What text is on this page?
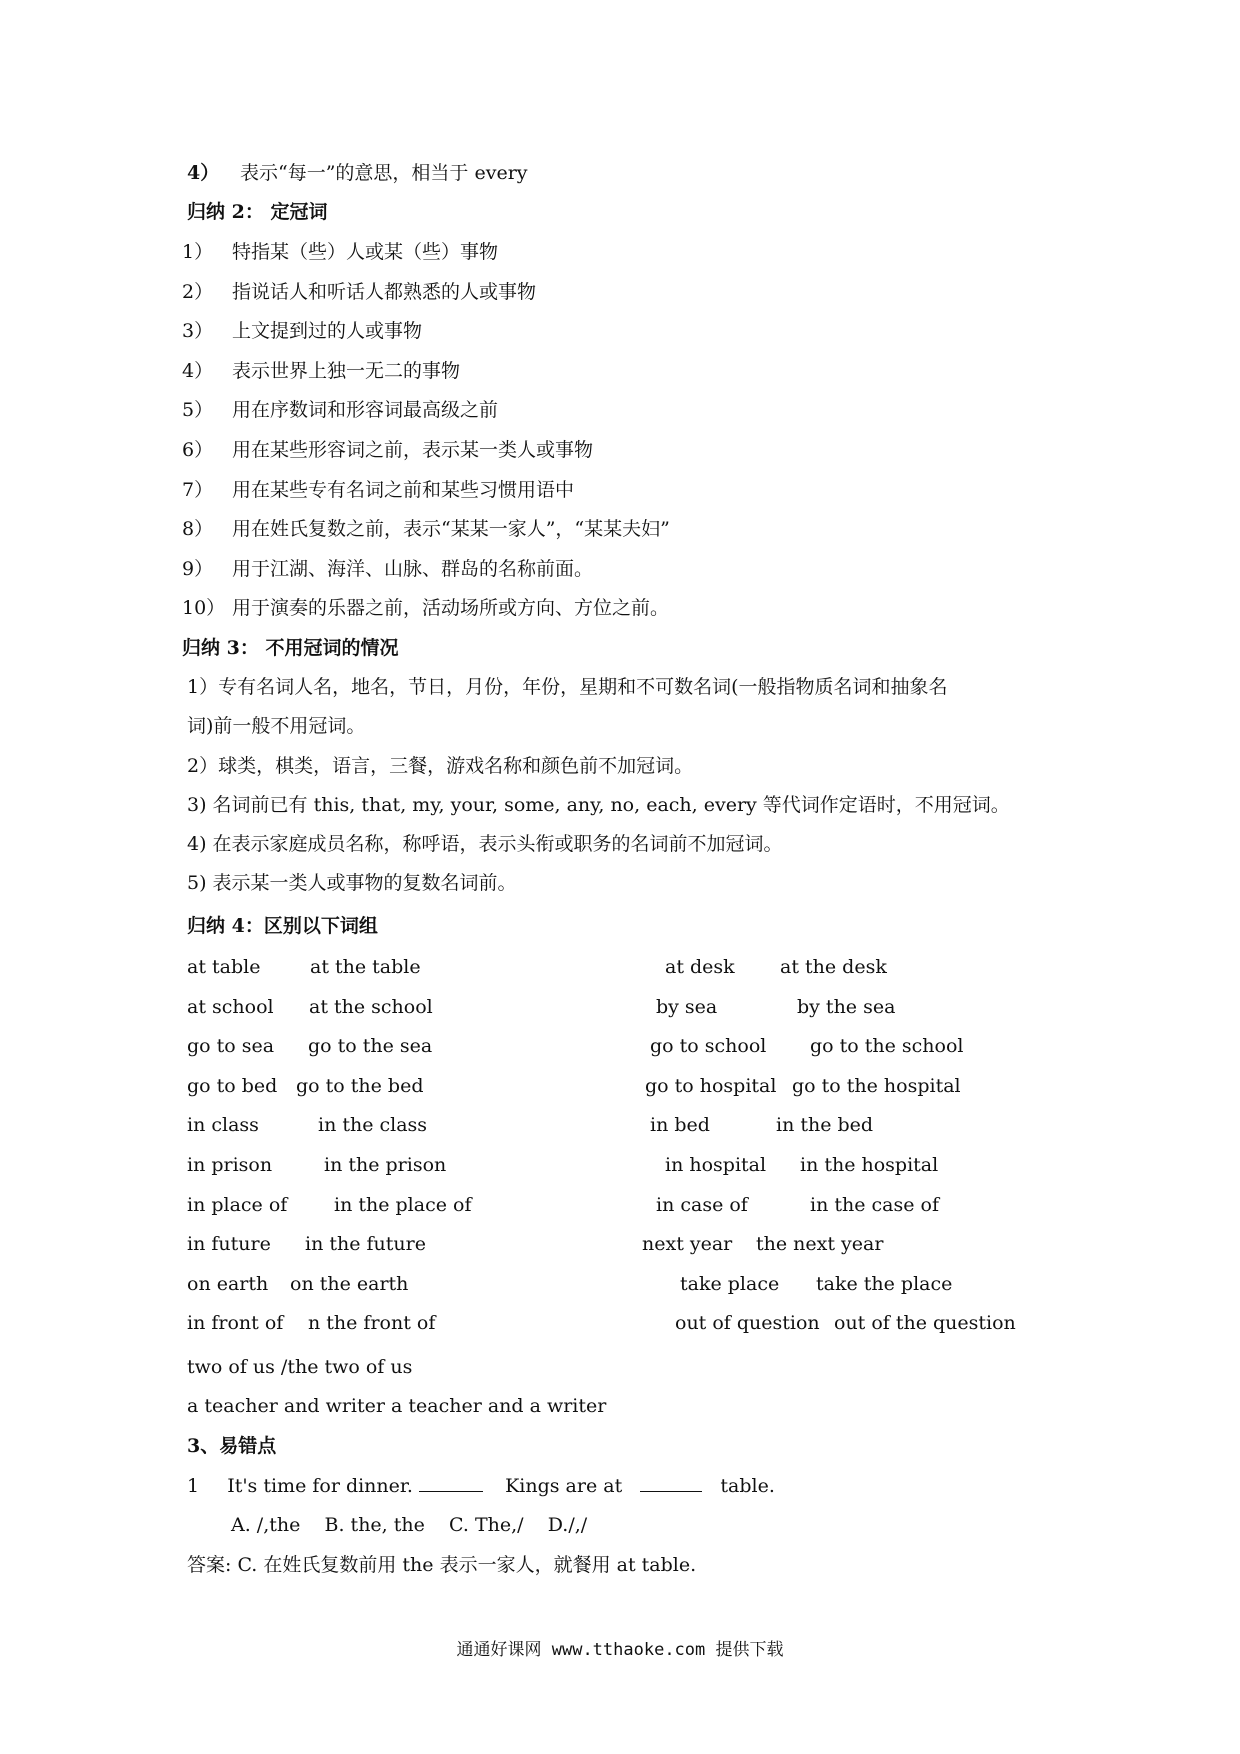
4） 表示“每一”的意思，相当于 every
归纳 2： 定冠词
1） 特指某（些）人或某（些）事物
2） 指说话人和听话人都熟悉的人或事物
3） 上文提到过的人或事物
4） 表示世界上独一无二的事物
5） 用在序数词和形容词最高级之前
6） 用在某些形容词之前，表示某一类人或事物
7） 用在某些专有名词之前和某些习惯用语中
8） 用在姓氏复数之前，表示“某某一家人”，“某某夫妇”
9） 用于江湖、海洋、山脉、群岛的名称前面。
10） 用于演奏的乐器之前，活动场所或方向、方位之前。
归纳 3： 不用冠词的情况
1）专有名词人名，地名，节日，月份，年份，星期和不可数名词(一般指物质名词和抽象名
词)前一般不用冠词。
2）球类，棋类，语言，三餐，游戏名称和颜色前不加冠词。
3) 名词前已有 this, that, my, your, some, any, no, each, every 等代词作定语时，不用冠词。
4) 在表示家庭成员名称，称呼语，表示头衔或职务的名词前不加冠词。
5) 表示某一类人或事物的复数名词前。
归纳 4：区别以下词组
at table	at the table	at desk at the desk
at school at the school	by sea	by the sea
go to sea go to the sea	go to school go to the school
go to bed go to the bed	go to hospital go to the hospital
in class	in the class	in bed	in the bed
in prison	in the prison	in hospital in the hospital
in place of in the place of	in case of	in the case of
in future in the future	next year the next year
on earth on the earth	take place take the place
in front of n the front of	out of question out of the question
two of us /the two of us
a teacher and writer a teacher and a writer
3、易错点
1 It's time for dinner.	Kings are at	table.
A. /,the    B. the, the    C. The,/    D./,/
答案: C. 在姓氏复数前用 the 表示一家人，就餐用 at table.
通通好课网 www.tthaoke.com 提供下载
